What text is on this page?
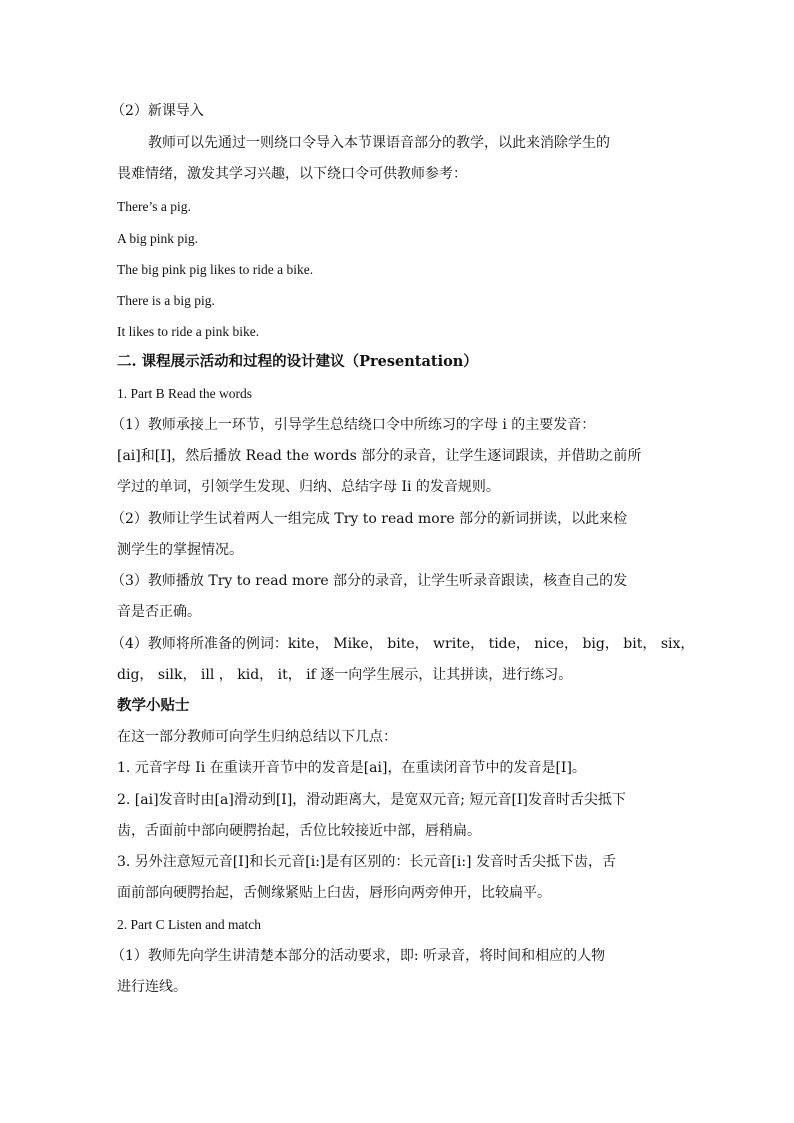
（2）新课导入
教师可以先通过一则绕口令导入本节课语音部分的教学，以此来消除学生的
畏难情绪，激发其学习兴趣，以下绕口令可供教师参考：
There’s a pig.
A big pink pig.
The big pink pig likes to ride a bike.
There is a big pig.
It likes to ride a pink bike.
二. 课程展示活动和过程的设计建议（Presentation）
1. Part B Read the words
（1）教师承接上一环节，引导学生总结绕口令中所练习的字母 i 的主要发音：
[ai]和[I]，然后播放 Read the words 部分的录音，让学生逐词跟读，并借助之前所
学过的单词，引领学生发现、归纳、总结字母 Ii 的发音规则。
（2）教师让学生试着两人一组完成 Try to read more 部分的新词拼读，以此来检
测学生的掌握情况。
（3）教师播放 Try to read more 部分的录音，让学生听录音跟读，核查自己的发
音是否正确。
（4）教师将所准备的例词：kite， Mike， bite， write， tide， nice， big， bit， six，
dig， silk， ill ， kid， it， if 逐一向学生展示，让其拼读，进行练习。
教学小贴士
在这一部分教师可向学生归纳总结以下几点：
1. 元音字母 Ii 在重读开音节中的发音是[ai]，在重读闭音节中的发音是[I]。
2. [ai]发音时由[a]滑动到[I]，滑动距离大，是宽双元音; 短元音[I]发音时舌尖抵下
齿，舌面前中部向硬腭抬起，舌位比较接近中部，唇稍扁。
3. 另外注意短元音[I]和长元音[i:]是有区别的：长元音[i:] 发音时舌尖抵下齿，舌
面前部向硬腭抬起，舌侧缘紧贴上臼齿，唇形向两旁伸开，比较扁平。
2. Part C Listen and match
（1）教师先向学生讲清楚本部分的活动要求，即: 听录音，将时间和相应的人物
进行连线。
